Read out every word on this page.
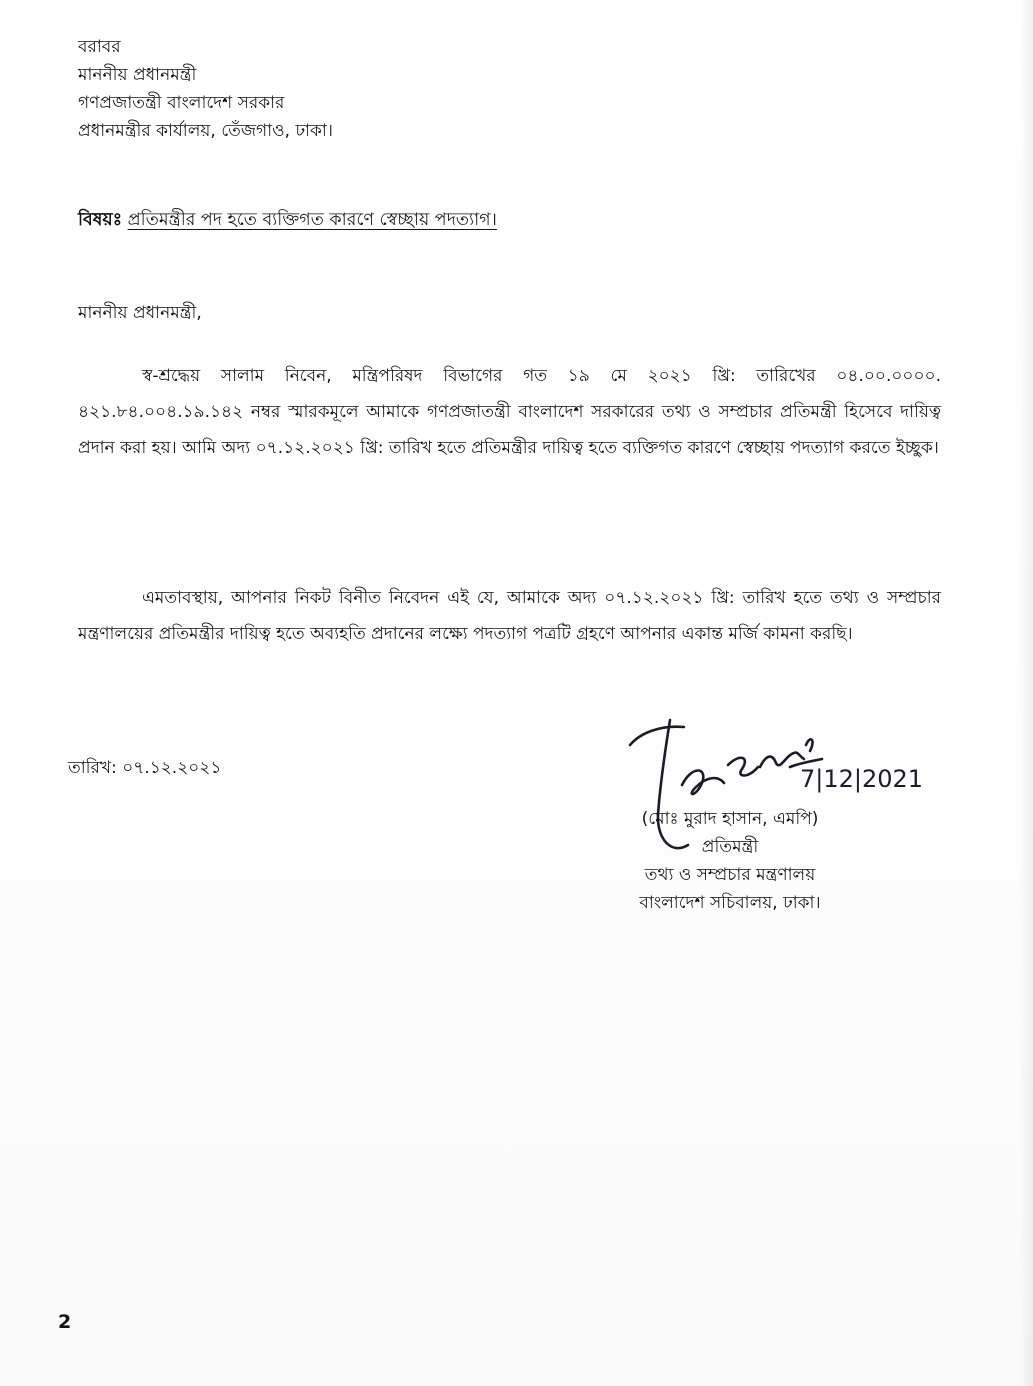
বরাবর
মাননীয় প্রধানমন্ত্রী
গণপ্রজাতন্ত্রী বাংলাদেশ সরকার
প্রধানমন্ত্রীর কার্যালয়, তেঁজগাও, ঢাকা।
বিষয়ঃ প্রতিমন্ত্রীর পদ হতে ব্যক্তিগত কারণে স্বেচ্ছায় পদত্যাগ।
মাননীয় প্রধানমন্ত্রী,

স্ব-শ্রদ্ধেয় সালাম নিবেন, মন্ত্রিপরিষদ বিভাগের গত ১৯ মে ২০২১ খ্রি: তারিখের ০৪.০০.০০০০. ৪২১.৮৪.০০৪.১৯.১৪২ নম্বর স্মারকমূলে আমাকে গণপ্রজাতন্ত্রী বাংলাদেশ সরকারের তথ্য ও সম্প্রচার প্রতিমন্ত্রী হিসেবে দায়িত্ব প্রদান করা হয়। আমি অদ্য ০৭.১২.২০২১ খ্রি: তারিখ হতে প্রতিমন্ত্রীর দায়িত্ব হতে ব্যক্তিগত কারণে স্বেচ্ছায় পদত্যাগ করতে ইচ্ছুক।

এমতাবস্থায়, আপনার নিকট বিনীত নিবেদন এই যে, আমাকে অদ্য ০৭.১২.২০২১ খ্রি: তারিখ হতে তথ্য ও সম্প্রচার মন্ত্রণালয়ের প্রতিমন্ত্রীর দায়িত্ব হতে অব্যহতি প্রদানের লক্ষ্যে পদত্যাগ পত্রটি গ্রহণে আপনার একান্ত মর্জি কামনা করছি।

তারিখ: ০৭.১২.২০২১	7|12|2021
(মোঃ মুরাদ হাসান, এমপি)
প্রতিমন্ত্রী
তথ্য ও সম্প্রচার মন্ত্রণালয়
বাংলাদেশ সচিবালয়, ঢাকা।
2
